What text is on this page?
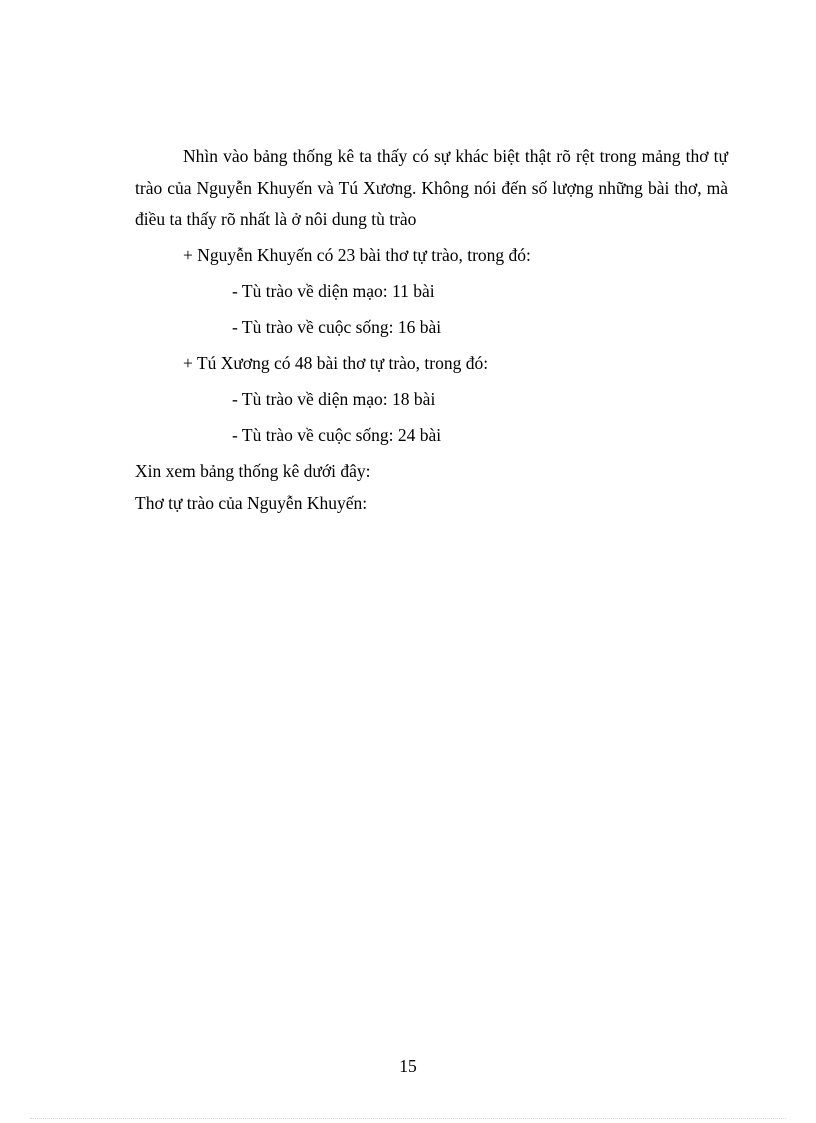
Nhìn vào bảng thống kê ta thấy có sự khác biệt thật rõ rệt trong mảng thơ tự trào của Nguyễn Khuyến và Tú Xương. Không nói đến số lượng những bài thơ, mà điều ta thấy rõ nhất là ở nôi dung tù trào

+ Nguyễn Khuyến có 23 bài thơ tự trào, trong đó:

- Tù trào về diện mạo: 11 bài

- Tù trào về cuộc sống: 16 bài

+ Tú Xương có 48 bài thơ tự trào, trong đó:

- Tù trào về diện mạo: 18 bài

- Tù trào về cuộc sống: 24 bài

Xin xem bảng thống kê dưới đây:

Thơ tự trào của Nguyễn Khuyến:

15
